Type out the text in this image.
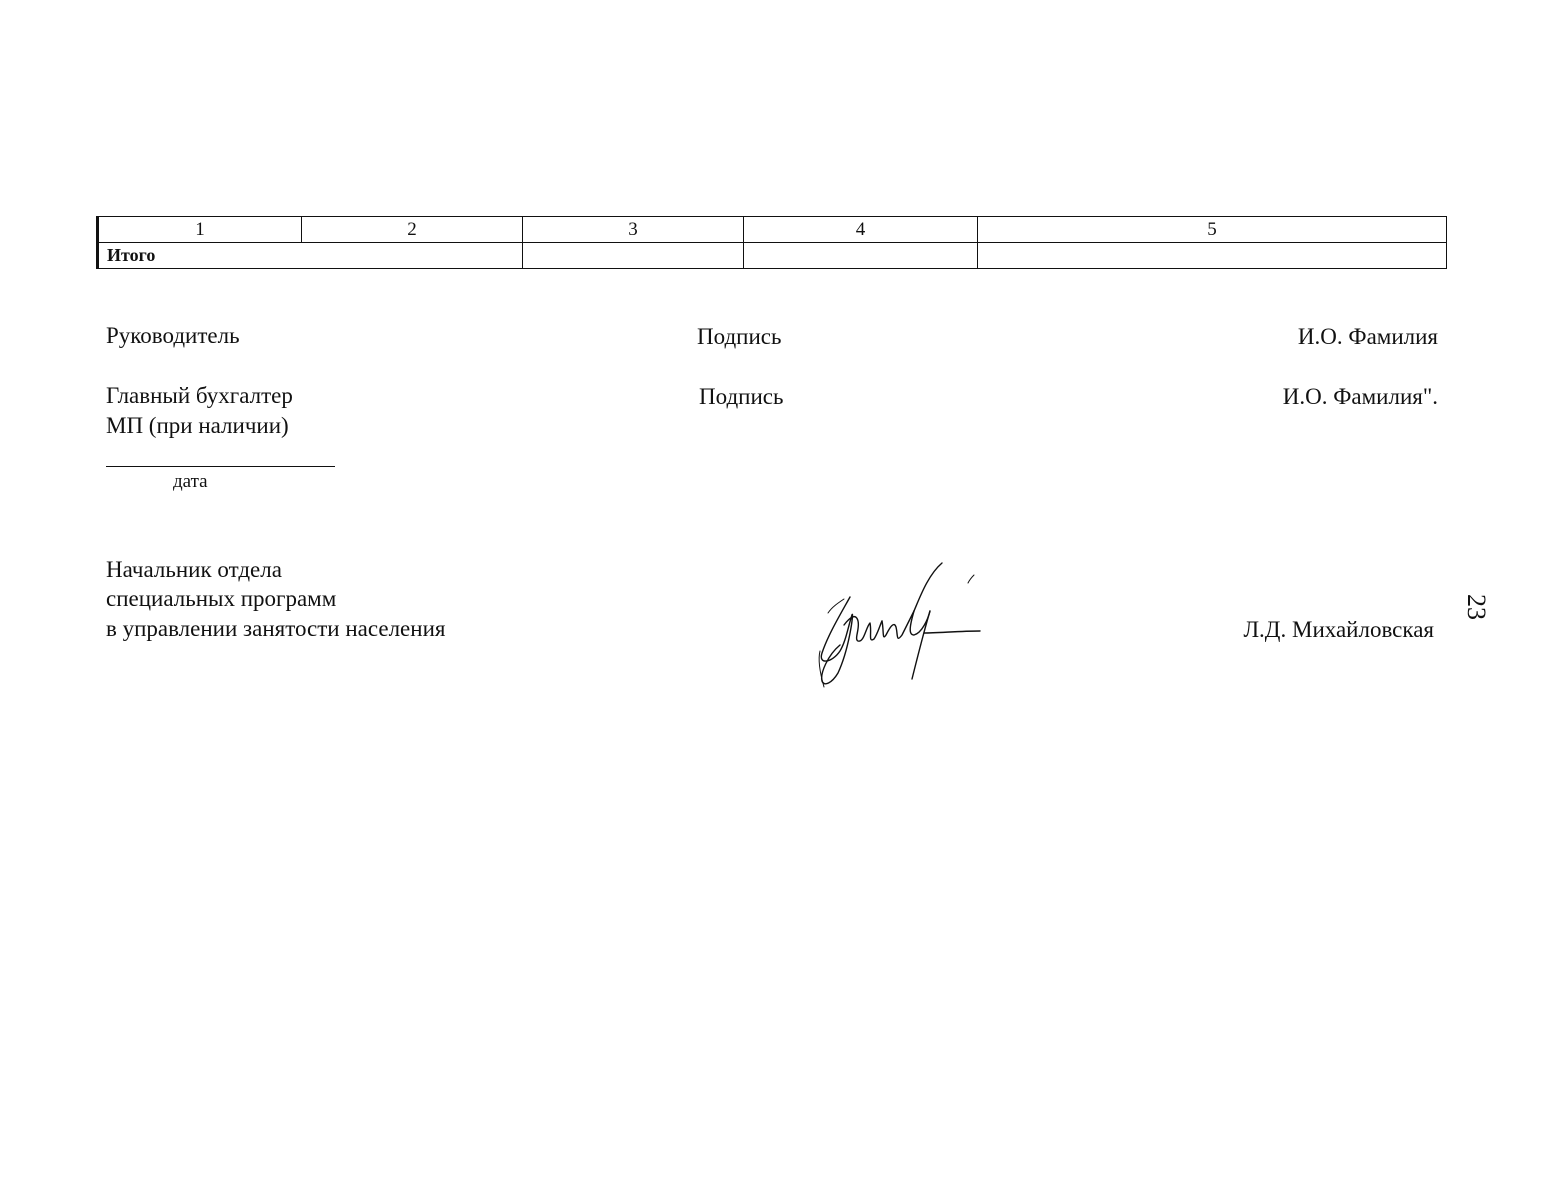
1	2	3	4	5
Итого				
Руководитель	Подпись	И.О. Фамилия
Главный бухгалтер	Подпись	И.О. Фамилия".
МП (при наличии)
дата
Начальник отдела
специальных программ
в управлении занятости населения	Л.Д. Михайловская
23
